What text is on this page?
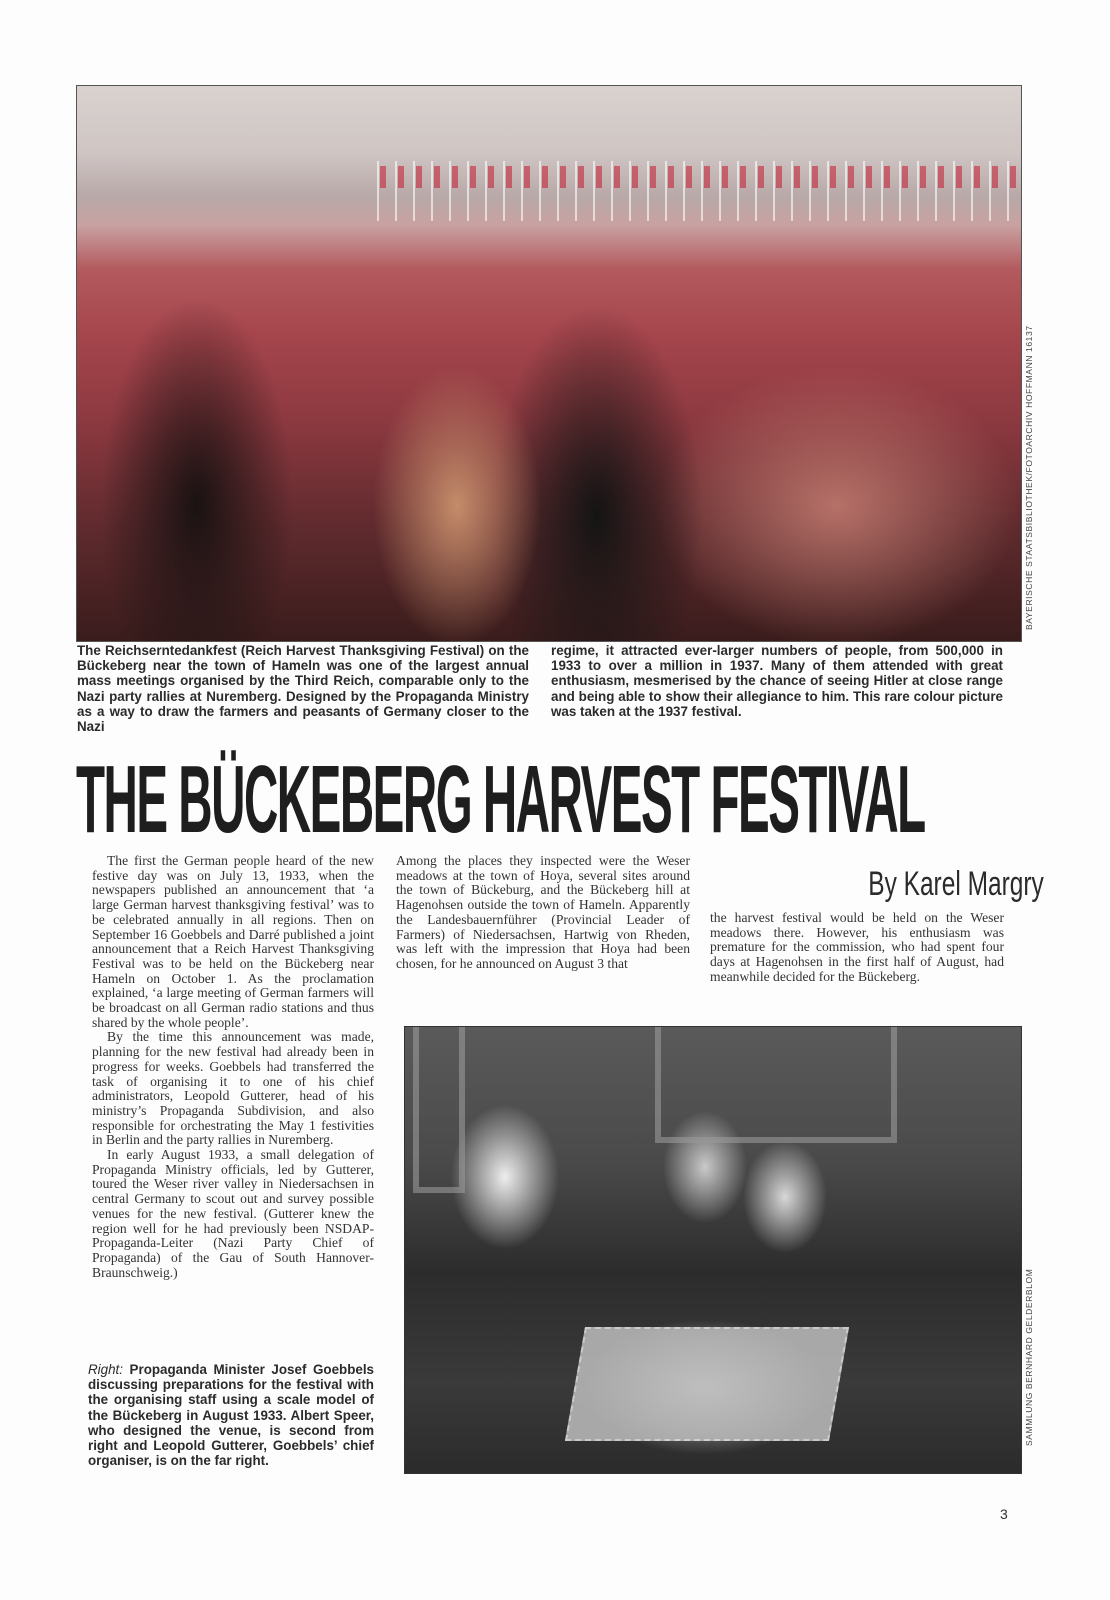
BAYERISCHE STAATSBIBLIOTHEK/FOTOARCHIV HOFFMANN 16137
The Reichserntedankfest (Reich Harvest Thanksgiving Festival) on the Bückeberg near the town of Hameln was one of the largest annual mass meetings organised by the Third Reich, comparable only to the Nazi party rallies at Nuremberg. Designed by the Propaganda Ministry as a way to draw the farmers and peasants of Germany closer to the Nazi
regime, it attracted ever-larger numbers of people, from 500,000 in 1933 to over a million in 1937. Many of them attended with great enthusiasm, mesmerised by the chance of seeing Hitler at close range and being able to show their allegiance to him. This rare colour picture was taken at the 1937 festival.
THE BÜCKEBERG HARVEST FESTIVAL
By Karel Margry

The first the German people heard of the new festive day was on July 13, 1933, when the newspapers published an announcement that ‘a large German harvest thanksgiving festival’ was to be celebrated annually in all regions. Then on September 16 Goebbels and Darré published a joint announcement that a Reich Harvest Thanksgiving Festival was to be held on the Bückeberg near Hameln on October 1. As the proclamation explained, ‘a large meeting of German farmers will be broadcast on all German radio stations and thus shared by the whole people’.

By the time this announcement was made, planning for the new festival had already been in progress for weeks. Goebbels had transferred the task of organising it to one of his chief administrators, Leopold Gutterer, head of his ministry’s Propaganda Subdivision, and also responsible for orchestrating the May 1 festivities in Berlin and the party rallies in Nuremberg.

In early August 1933, a small delegation of Propaganda Ministry officials, led by Gutterer, toured the Weser river valley in Niedersachsen in central Germany to scout out and survey possible venues for the new festival. (Gutterer knew the region well for he had previously been NSDAP-Propaganda-Leiter (Nazi Party Chief of Propaganda) of the Gau of South Hannover-Braunschweig.)

Among the places they inspected were the Weser meadows at the town of Hoya, several sites around the town of Bückeburg, and the Bückeberg hill at Hagenohsen outside the town of Hameln. Apparently the Landesbauernführer (Provincial Leader of Farmers) of Niedersachsen, Hartwig von Rheden, was left with the impression that Hoya had been chosen, for he announced on August 3 that

the harvest festival would be held on the Weser meadows there. However, his enthusiasm was premature for the commission, who had spent four days at Hagenohsen in the first half of August, had meanwhile decided for the Bückeberg.

Right: Propaganda Minister Josef Goebbels discussing preparations for the festival with the organising staff using a scale model of the Bückeberg in August 1933. Albert Speer, who designed the venue, is second from right and Leopold Gutterer, Goebbels’ chief organiser, is on the far right.
SAMMLUNG BERNHARD GELDERBLOM
3
